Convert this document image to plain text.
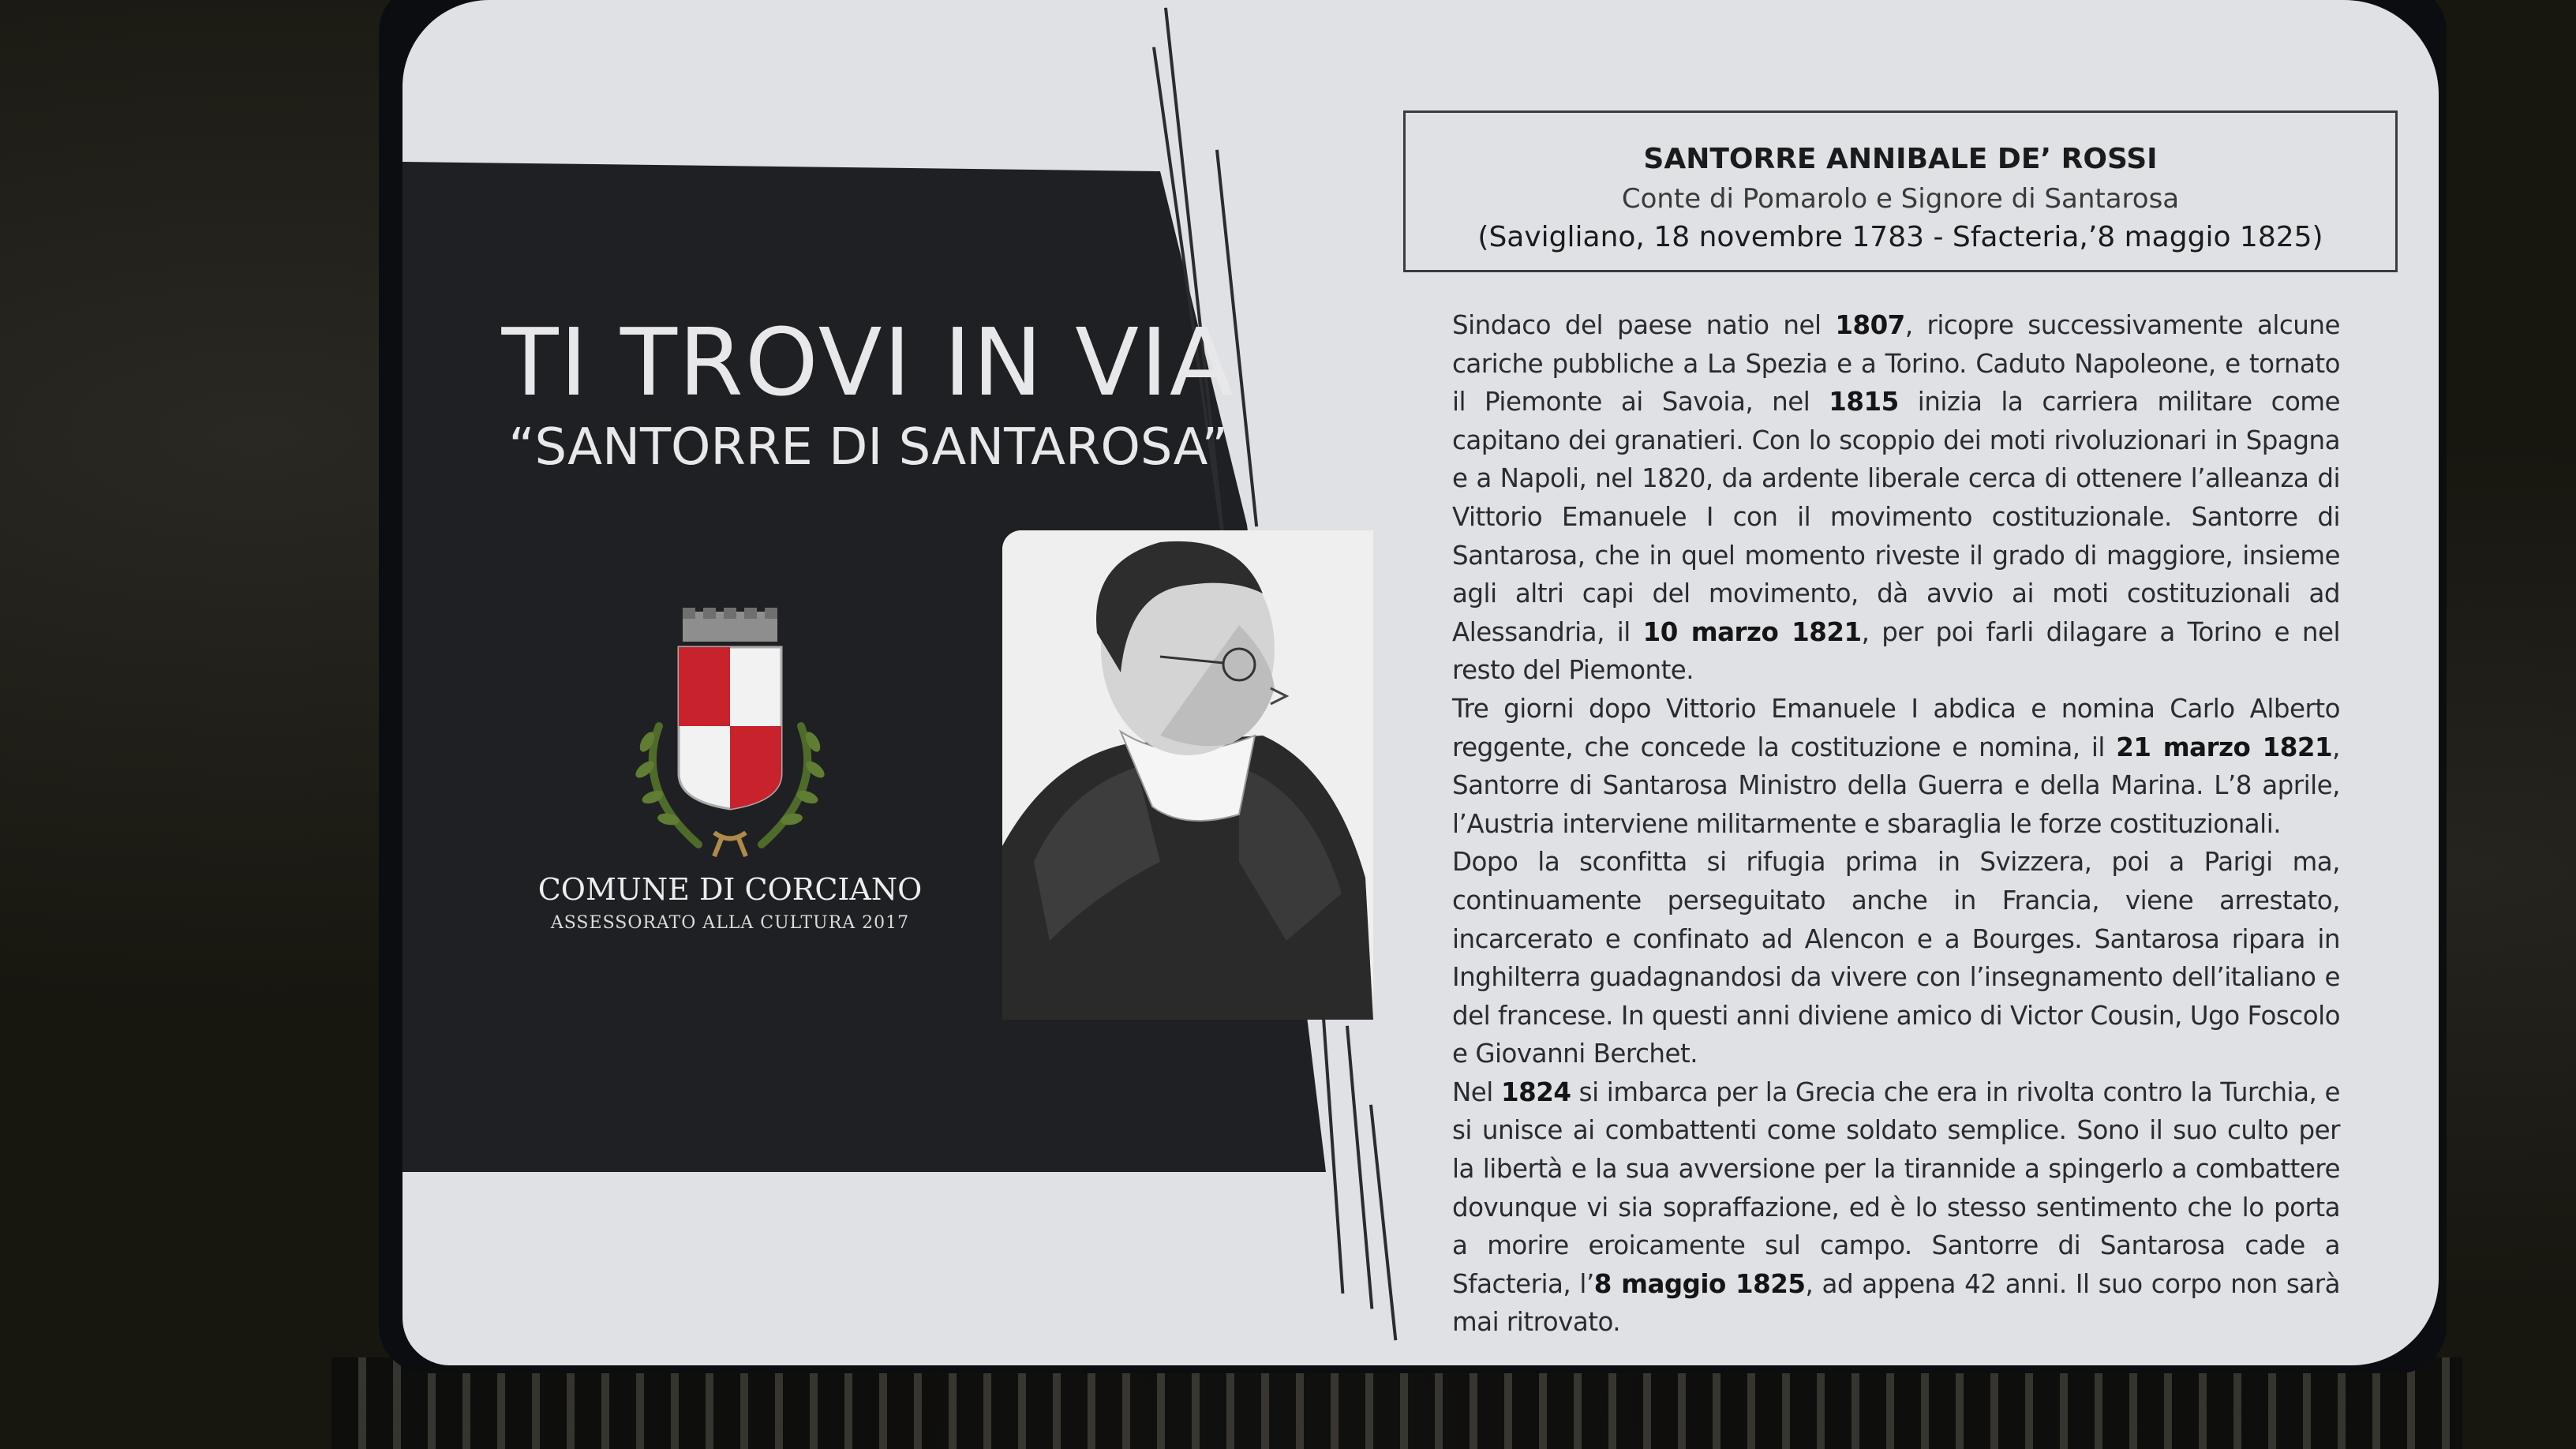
TI TROVI IN VIA
“SANTORRE DI SANTAROSA”
COMUNE DI CORCIANO
ASSESSORATO ALLA CULTURA 2017
SANTORRE ANNIBALE DE’ ROSSI
Conte di Pomarolo e Signore di Santarosa
(Savigliano, 18 novembre 1783 - Sfacteria,’8 maggio 1825)

Sindaco del paese natio nel 1807, ricopre successivamente alcune cariche pubbliche a La Spezia e a Torino. Caduto Napoleone, e tornato il Piemonte ai Savoia, nel 1815 inizia la carriera militare come capitano dei granatieri. Con lo scoppio dei moti rivoluzionari in Spagna e a Napoli, nel 1820, da ardente liberale cerca di ottenere l’alleanza di Vittorio Emanuele I con il movimento costituzionale. Santorre di Santarosa, che in quel momento riveste il grado di maggiore, insieme agli altri capi del movimento, dà avvio ai moti costituzionali ad Alessandria, il 10 marzo 1821, per poi farli dilagare a Torino e nel resto del Piemonte.

Tre giorni dopo Vittorio Emanuele I abdica e nomina Carlo Alberto reggente, che concede la costituzione e nomina, il 21 marzo 1821, Santorre di Santarosa Ministro della Guerra e della Marina. L’8 aprile, l’Austria interviene militarmente e sbaraglia le forze costituzionali.

Dopo la sconfitta si rifugia prima in Svizzera, poi a Parigi ma, continuamente perseguitato anche in Francia, viene arrestato, incarcerato e confinato ad Alencon e a Bourges. Santarosa ripara in Inghilterra guadagnandosi da vivere con l’insegnamento dell’italiano e del francese. In questi anni diviene amico di Victor Cousin, Ugo Foscolo e Giovanni Berchet.

Nel 1824 si imbarca per la Grecia che era in rivolta contro la Turchia, e si unisce ai combattenti come soldato semplice. Sono il suo culto per la libertà e la sua avversione per la tirannide a spingerlo a combattere dovunque vi sia sopraffazione, ed è lo stesso sentimento che lo porta a morire eroicamente sul campo. Santorre di Santarosa cade a Sfacteria, l’8 maggio 1825, ad appena 42 anni. Il suo corpo non sarà mai ritrovato.
